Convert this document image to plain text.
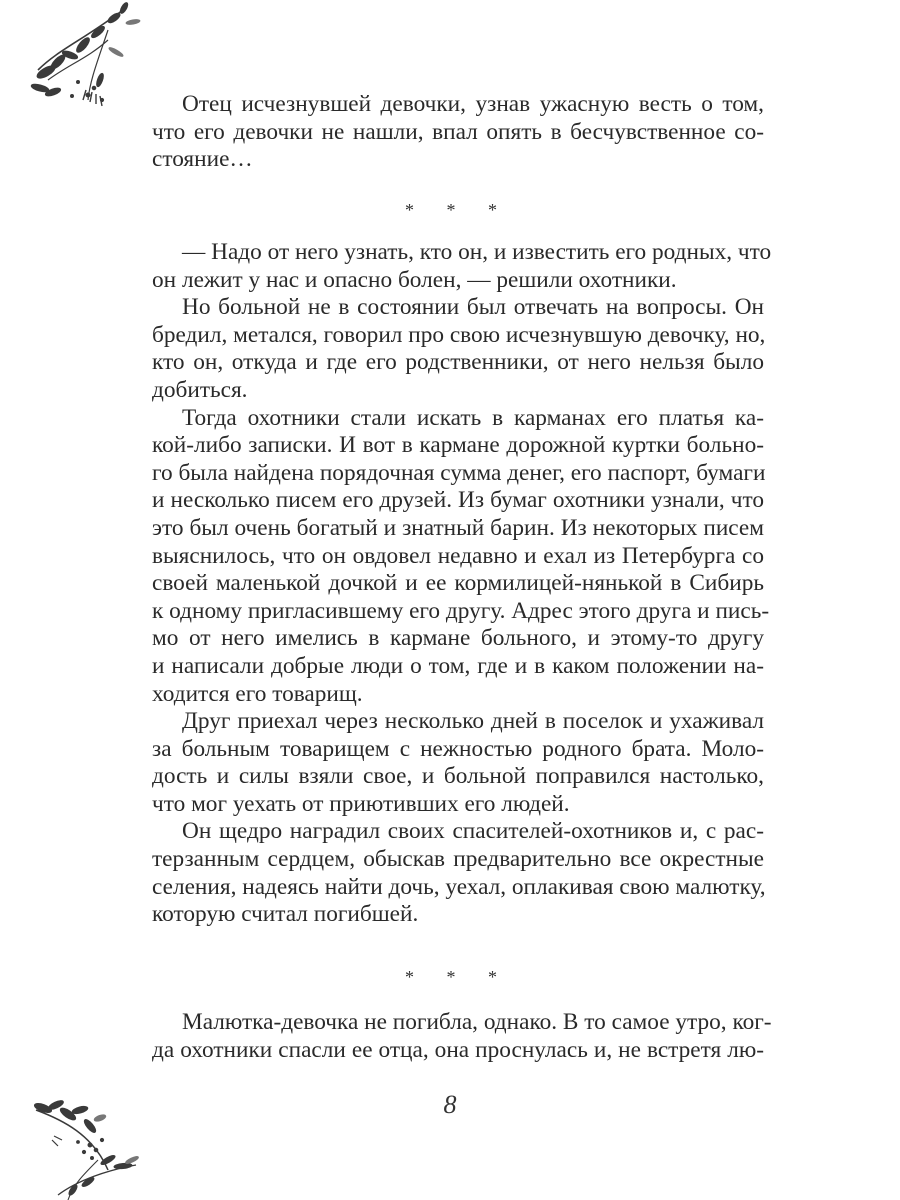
Отец исчезнувшей девочки, узнав ужасную весть о том,
что его девочки не нашли, впал опять в бесчувственное со-
стояние…

* * *

— Надо от него узнать, кто он, и известить его родных, что
он лежит у нас и опасно болен, — решили охотники.

Но больной не в состоянии был отвечать на вопросы. Он
бредил, метался, говорил про свою исчезнувшую девочку, но,
кто он, откуда и где его родственники, от него нельзя было
добиться.

Тогда охотники стали искать в карманах его платья ка-
кой-либо записки. И вот в кармане дорожной куртки больно-
го была найдена порядочная сумма денег, его паспорт, бумаги
и несколько писем его друзей. Из бумаг охотники узнали, что
это был очень богатый и знатный барин. Из некоторых писем
выяснилось, что он овдовел недавно и ехал из Петербурга со
своей маленькой дочкой и ее кормилицей-нянькой в Сибирь
к одному пригласившему его другу. Адрес этого друга и пись-
мо от него имелись в кармане больного, и этому-то другу
и написали добрые люди о том, где и в каком положении на-
ходится его товарищ.

Друг приехал через несколько дней в поселок и ухаживал
за больным товарищем с нежностью родного брата. Моло-
дость и силы взяли свое, и больной поправился настолько,
что мог уехать от приютивших его людей.

Он щедро наградил своих спасителей-охотников и, с рас-
терзанным сердцем, обыскав предварительно все окрестные
селения, надеясь найти дочь, уехал, оплакивая свою малютку,
которую считал погибшей.

* * *

Малютка-девочка не погибла, однако. В то самое утро, ког-
да охотники спасли ее отца, она проснулась и, не встретя лю-

8
